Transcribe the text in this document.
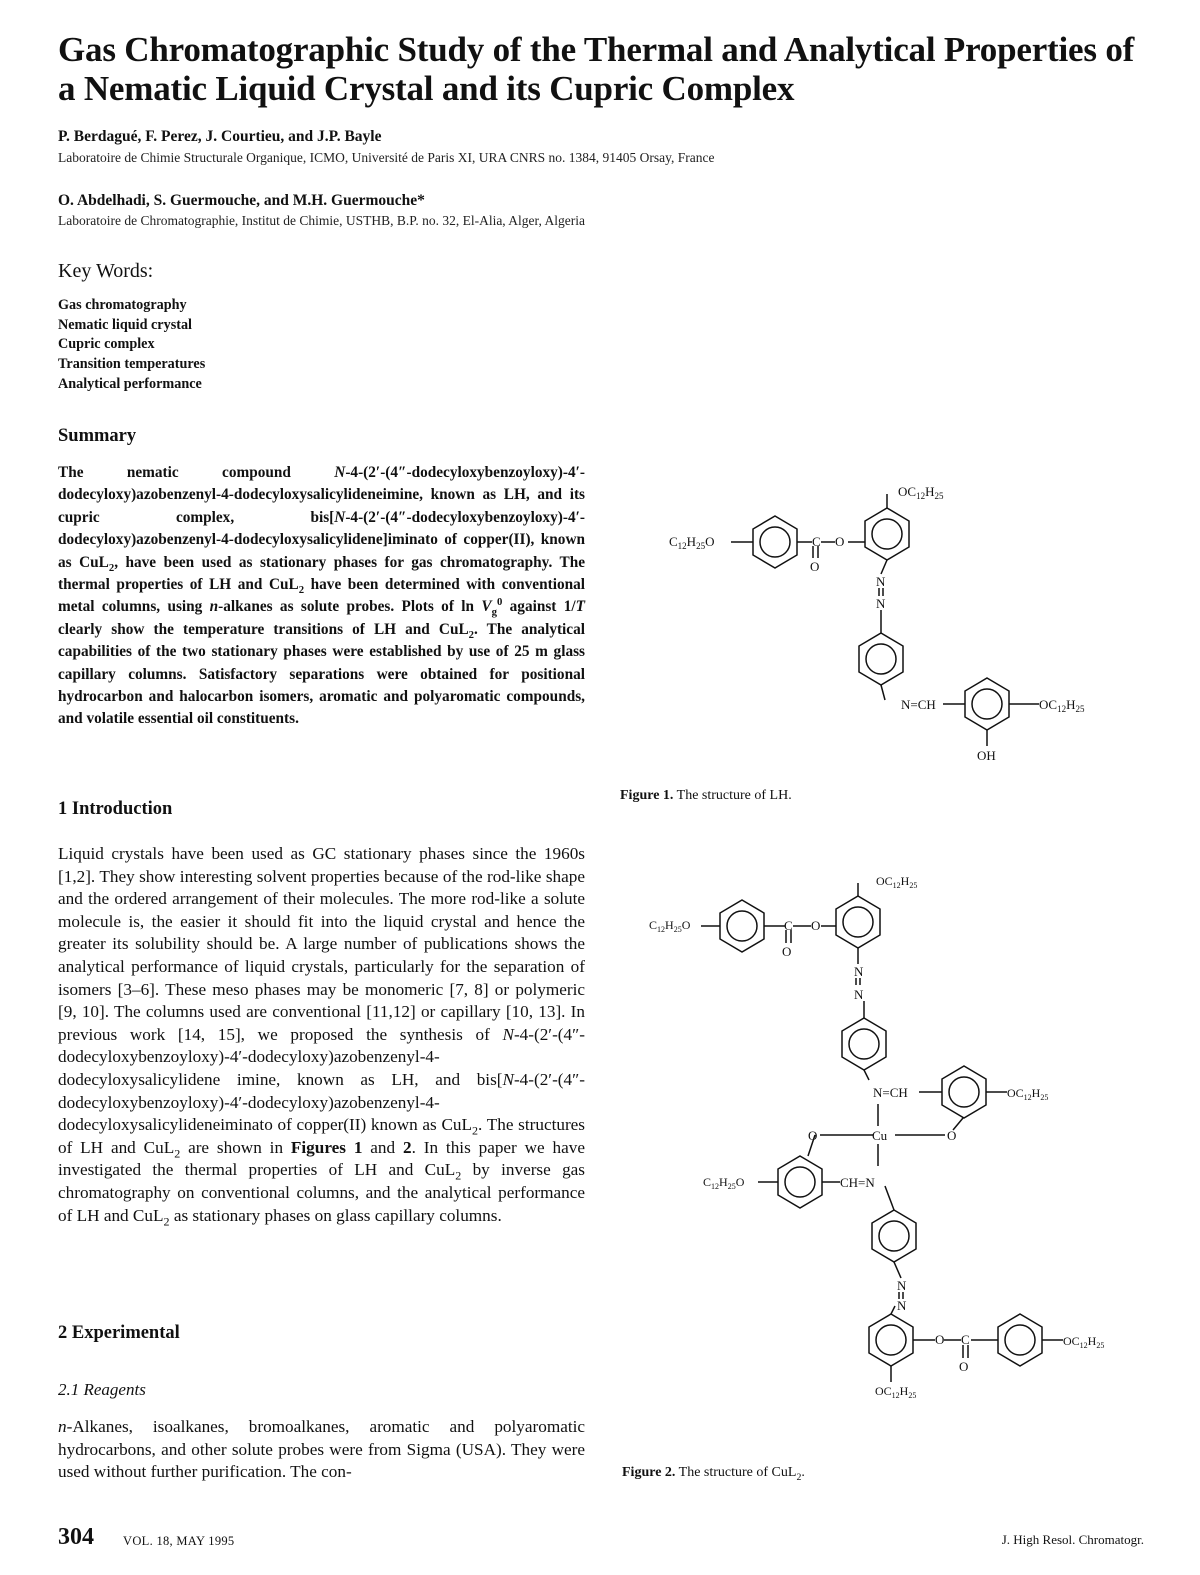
Gas Chromatographic Study of the Thermal and Analytical Properties of a Nematic Liquid Crystal and its Cupric Complex

P. Berdagué, F. Perez, J. Courtieu, and J.P. Bayle

Laboratoire de Chimie Structurale Organique, ICMO, Université de Paris XI, URA CNRS no. 1384, 91405 Orsay, France

O. Abdelhadi, S. Guermouche, and M.H. Guermouche*

Laboratoire de Chromatographie, Institut de Chimie, USTHB, B.P. no. 32, El-Alia, Alger, Algeria

Key Words:
Gas chromatography
Nematic liquid crystal
Cupric complex
Transition temperatures
Analytical performance
Summary

The nematic compound N-4-(2′-(4″-dodecyloxybenzoyloxy)-4′-dodecyloxy)azobenzenyl-4-dodecyloxysalicylideneimine, known as LH, and its cupric complex, bis[N-4-(2′-(4″-dodecyloxybenzoyloxy)-4′-dodecyloxy)azobenzenyl-4-dodecyloxysalicylidene]iminato of copper(II), known as CuL$_2$, have been used as stationary phases for gas chromatography. The thermal properties of LH and CuL$_2$ have been determined with conventional metal columns, using n-alkanes as solute probes. Plots of $\ln V_g^0$ against 1/T clearly show the temperature transitions of LH and CuL$_2$. The analytical capabilities of the two stationary phases were established by use of 25 m glass capillary columns. Satisfactory separations were obtained for positional hydrocarbon and halocarbon isomers, aromatic and polyaromatic compounds, and volatile essential oil constituents.

1 Introduction

Liquid crystals have been used as GC stationary phases since the 1960s [1,2]. They show interesting solvent properties because of the rod-like shape and the ordered arrangement of their molecules. The more rod-like a solute molecule is, the easier it should fit into the liquid crystal and hence the greater its solubility should be. A large number of publications shows the analytical performance of liquid crystals, particularly for the separation of isomers [3–6]. These meso phases may be monomeric [7, 8] or polymeric [9, 10]. The columns used are conventional [11,12] or capillary [10, 13]. In previous work [14, 15], we proposed the synthesis of N-4-(2′-(4″-dodecyloxybenzoyloxy)-4′-dodecyloxy)azobenzenyl-4-dodecyloxysalicylidene imine, known as LH, and bis[N-4-(2′-(4″-dodecyloxybenzoyloxy)-4′-dodecyloxy)azobenzenyl-4-dodecyloxysalicylideneiminato of copper(II) known as CuL$_2$. The structures of LH and CuL$_2$ are shown in Figures 1 and 2. In this paper we have investigated the thermal properties of LH and CuL$_2$ by inverse gas chromatography on conventional columns, and the analytical performance of LH and CuL$_2$ as stationary phases on glass capillary columns.

2 Experimental
2.1 Reagents

n-Alkanes, isoalkanes, bromoalkanes, aromatic and polyaromatic hydrocarbons, and other solute probes were from Sigma (USA). They were used without further purification. The con-

$C_{12}H_{25}O$	C O
O
$OC_{12}H_{25}$
N
N
N=CH	$OC_{12}H_{25}$
OH

Figure 1. The structure of LH.

$C_{12}H_{25}O$	C O
O
$OC_{12}H_{25}$
N
N
N=CH	$OC_{12}H_{25}$
O	Cu	O
$C_{12}H_{25}O$	CH=N
N
N
O C
O
$OC_{12}H_{25}$
$OC_{12}H_{25}$

Figure 2. The structure of CuL$_2$.

304 VOL. 18, MAY 1995	J. High Resol. Chromatogr.
